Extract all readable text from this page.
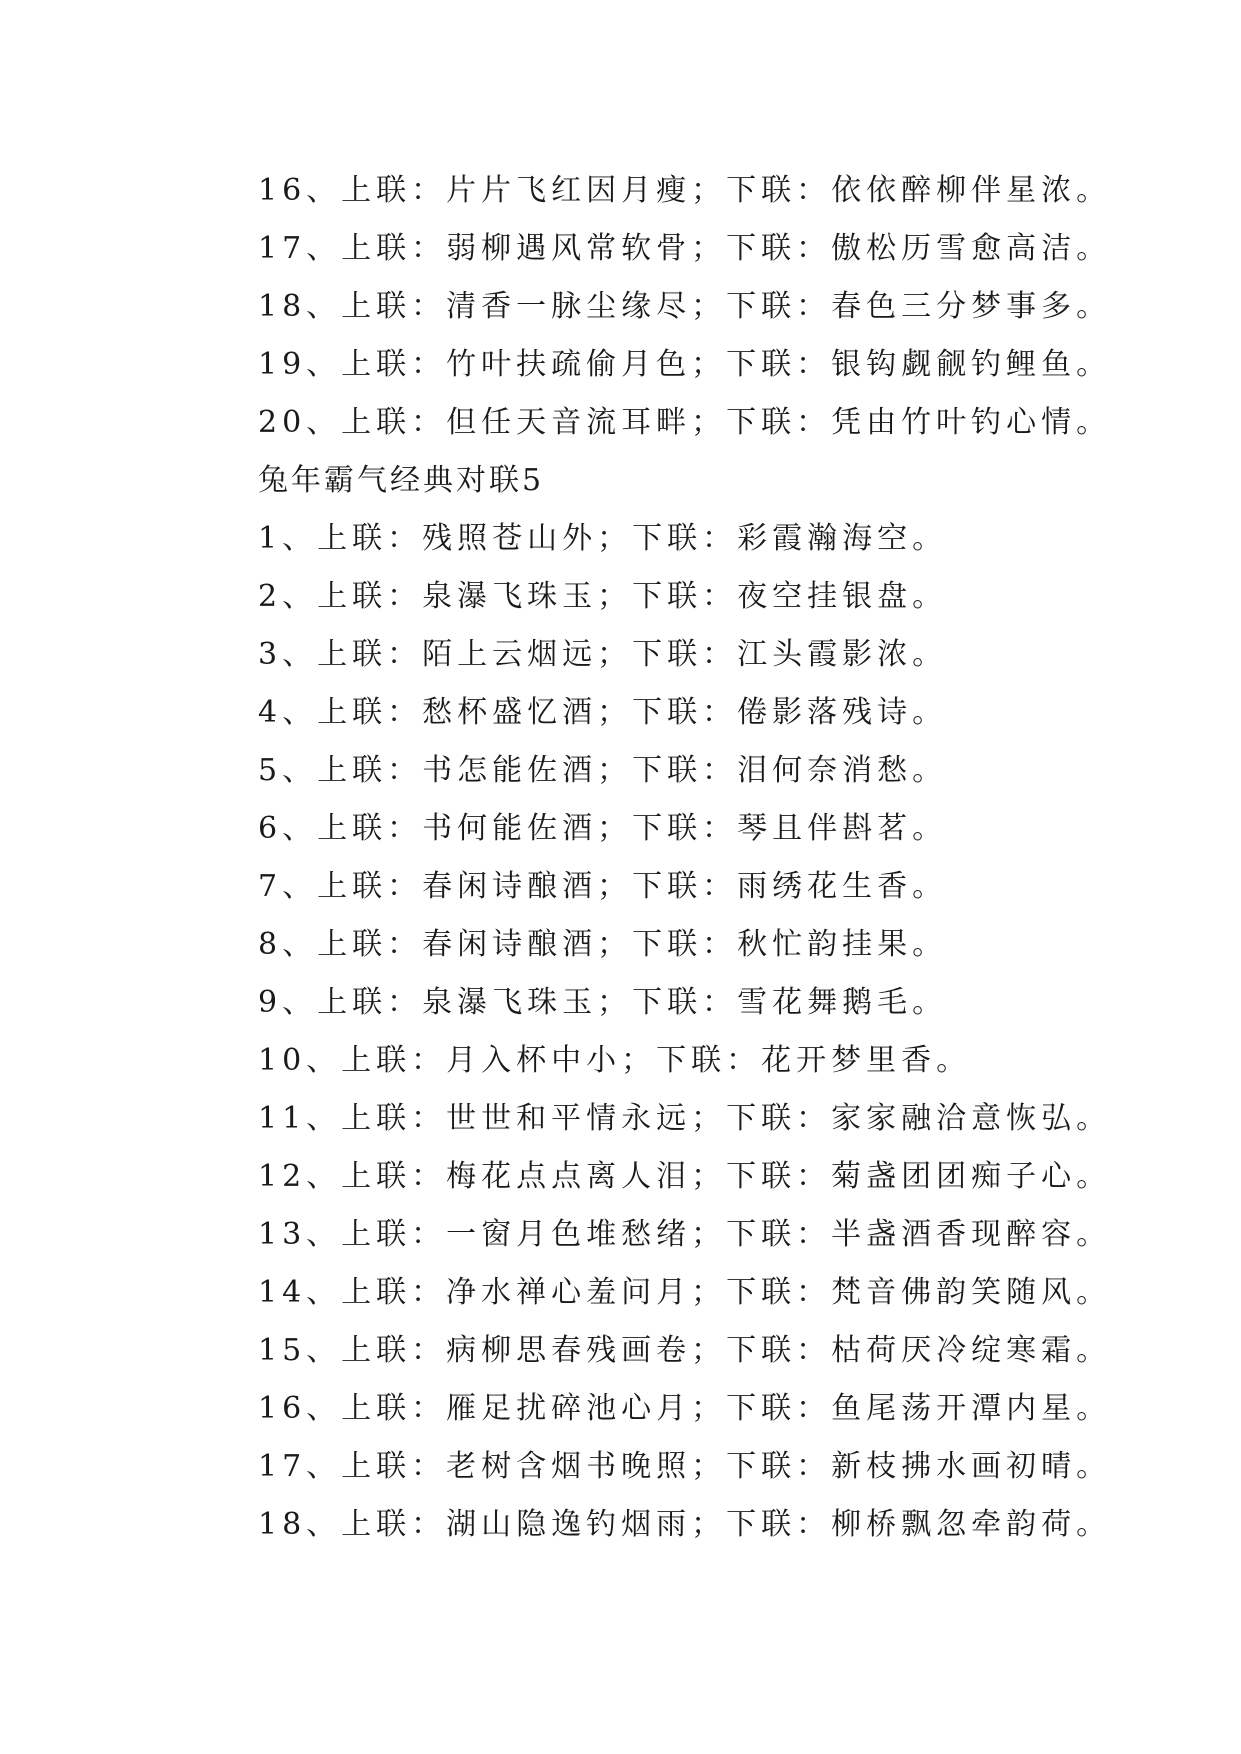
16、上联：片片飞红因月瘦；下联：依依醉柳伴星浓。
17、上联：弱柳遇风常软骨；下联：傲松历雪愈高洁。
18、上联：清香一脉尘缘尽；下联：春色三分梦事多。
19、上联：竹叶扶疏偷月色；下联：银钩觑觎钓鲤鱼。
20、上联：但任天音流耳畔；下联：凭由竹叶钓心情。
兔年霸气经典对联5
1、上联：残照苍山外；下联：彩霞瀚海空。
2、上联：泉瀑飞珠玉；下联：夜空挂银盘。
3、上联：陌上云烟远；下联：江头霞影浓。
4、上联：愁杯盛忆酒；下联：倦影落残诗。
5、上联：书怎能佐酒；下联：泪何奈消愁。
6、上联：书何能佐酒；下联：琴且伴斟茗。
7、上联：春闲诗酿酒；下联：雨绣花生香。
8、上联：春闲诗酿酒；下联：秋忙韵挂果。
9、上联：泉瀑飞珠玉；下联：雪花舞鹅毛。
10、上联：月入杯中小；下联：花开梦里香。
11、上联：世世和平情永远；下联：家家融洽意恢弘。
12、上联：梅花点点离人泪；下联：菊盏团团痴子心。
13、上联：一窗月色堆愁绪；下联：半盏酒香现醉容。
14、上联：净水禅心羞问月；下联：梵音佛韵笑随风。
15、上联：病柳思春残画卷；下联：枯荷厌冷绽寒霜。
16、上联：雁足扰碎池心月；下联：鱼尾荡开潭内星。
17、上联：老树含烟书晚照；下联：新枝拂水画初晴。
18、上联：湖山隐逸钓烟雨；下联：柳桥飘忽牵韵荷。
